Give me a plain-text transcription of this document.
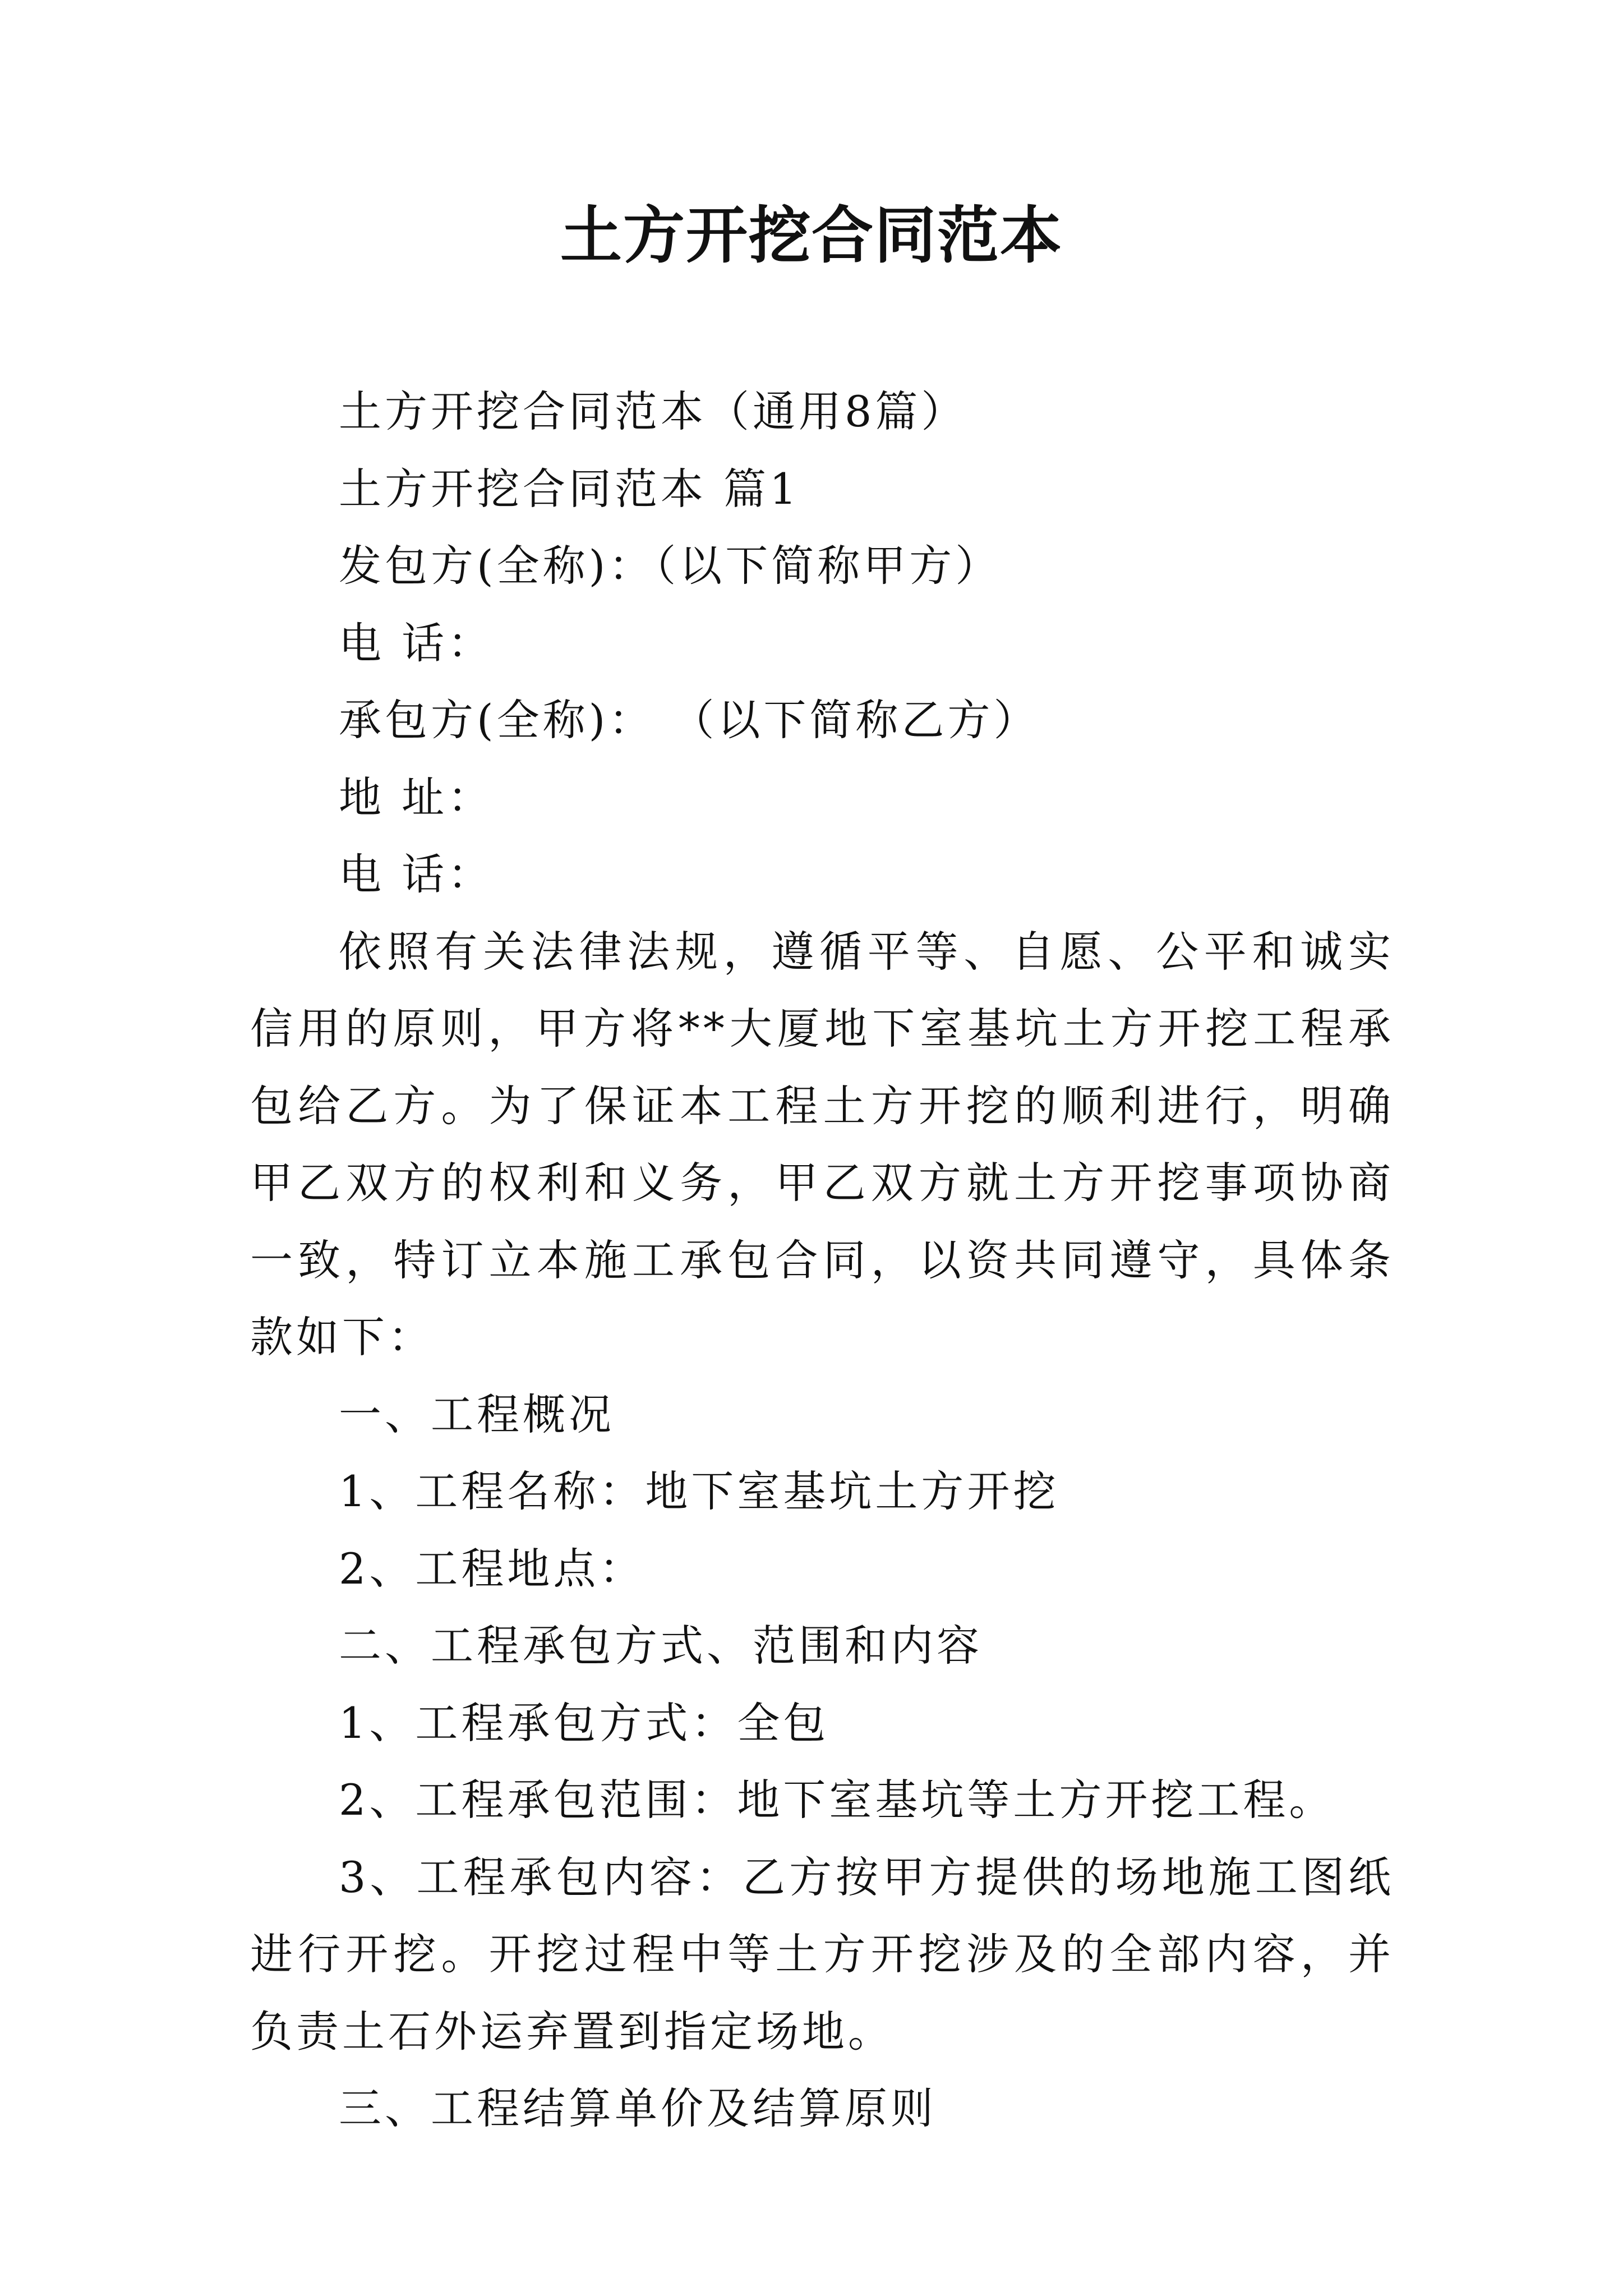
土方开挖合同范本

土方开挖合同范本（通用8篇）

土方开挖合同范本 篇1

发包方(全称)：（以下简称甲方）

电 话：

承包方(全称)： （以下简称乙方）

地 址：

电 话：

依照有关法律法规，遵循平等、自愿、公平和诚实信用的原则，甲方将**大厦地下室基坑土方开挖工程承包给乙方。为了保证本工程土方开挖的顺利进行，明确甲乙双方的权利和义务，甲乙双方就土方开挖事项协商一致，特订立本施工承包合同，以资共同遵守，具体条款如下：

一、工程概况

1、工程名称：地下室基坑土方开挖

2、工程地点：

二、工程承包方式、范围和内容

1、工程承包方式：全包

2、工程承包范围：地下室基坑等土方开挖工程。

3、工程承包内容：乙方按甲方提供的场地施工图纸进行开挖。开挖过程中等土方开挖涉及的全部内容，并负责土石外运弃置到指定场地。

三、工程结算单价及结算原则
